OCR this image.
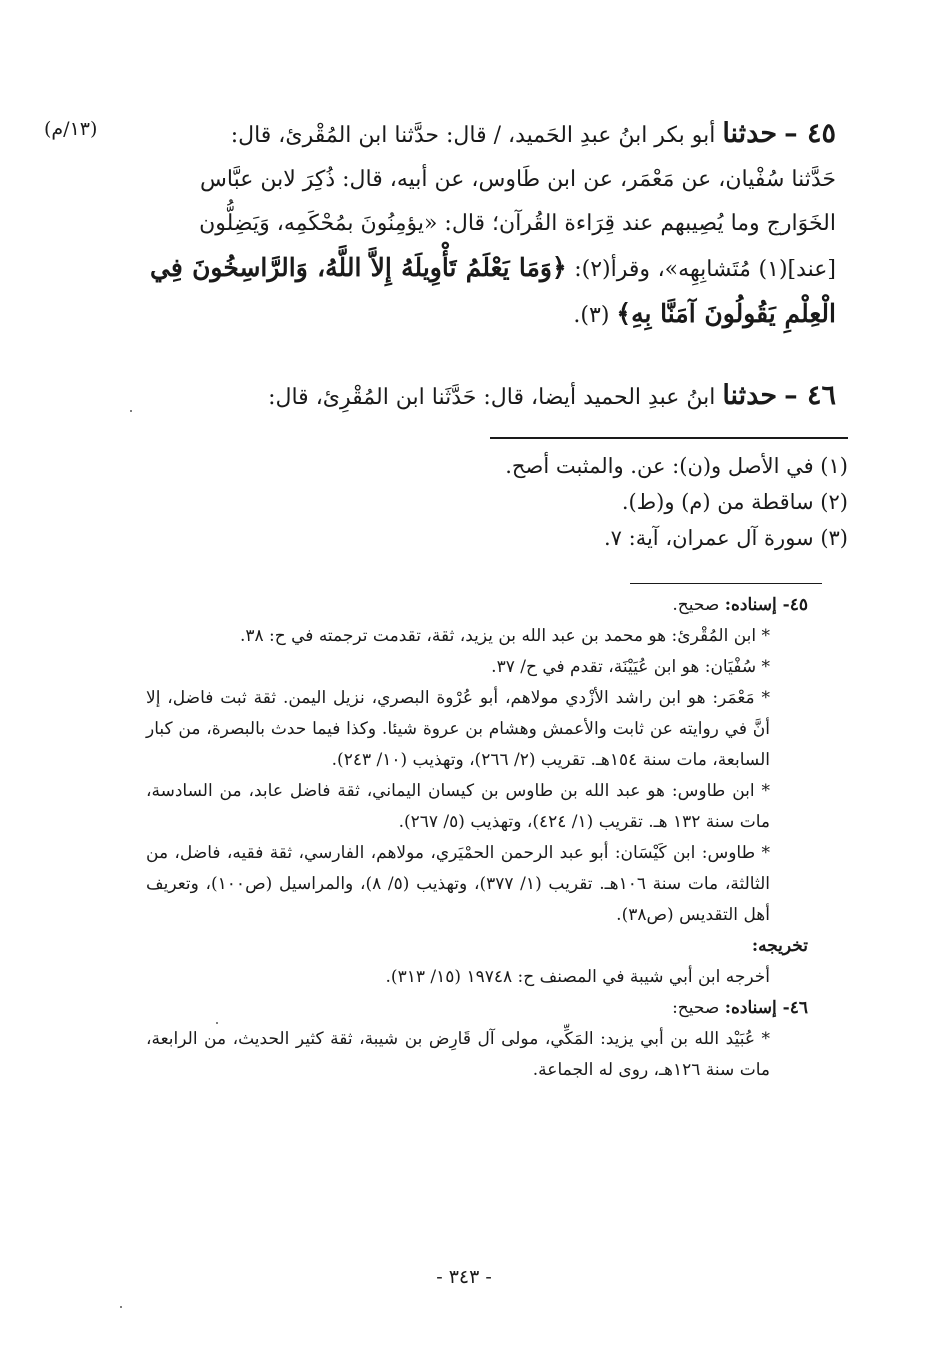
(١٣/م)	٤٥ – حدثنا أبو بكر ابنُ عبدِ الحَميد، / قال: حدَّثنا ابن المُقْرئ، قال:

حَدَّثنا سُفْيان، عن مَعْمَر، عن ابن طَاوس، عن أبيه، قال: ذُكِرَ لابن عبَّاس

الخَوَارج وما يُصِيبهم عند قِرَاءة القُرآن؛ قال: «يؤمِنُونَ بمُحْكَمِه، وَيَضِلُّون

[عند](١) مُتَشابِهِه»، وقرأ(٢): ﴿وَمَا يَعْلَمُ تَأْوِيلَهُ إِلاَّ اللَّهُ، وَالرَّاسِخُونَ فِي الْعِلْمِ يَقُولُونَ آمَنَّا بِهِ﴾ (٣).

٤٦ – حدثنا ابنُ عبدِ الحميد أيضا، قال: حَدَّثَنا ابن المُقْرِئ، قال:

(١) في الأصل و(ن): عن. والمثبت أصح.
(٢) ساقطة من (م) و(ط).
(٣) سورة آل عمران، آية: ٧.

٤٥- إسناده: صحيح.

* ابن المُقْرئ: هو محمد بن عبد الله بن يزيد، ثقة، تقدمت ترجمته في ح: ٣٨.

* سُفْيَان: هو ابن عُيَيْنَة، تقدم في ح/ ٣٧.

* مَعْمَر: هو ابن راشد الأزْدي مولاهم، أبو عُرْوة البصري، نزيل اليمن. ثقة ثبت فاضل، إلا أنَّ في روايته عن ثابت والأعمش وهشام بن عروة شيئا. وكذا فيما حدث بالبصرة، من كبار السابعة، مات سنة ١٥٤هـ. تقريب (٢/ ٢٦٦)، وتهذيب (١٠/ ٢٤٣).

* ابن طاوس: هو عبد الله بن طاوس بن كيسان اليماني، ثقة فاضل عابد، من السادسة، مات سنة ١٣٢ هـ. تقريب (١/ ٤٢٤)، وتهذيب (٥/ ٢٦٧).

* طاوس: ابن كَيْسَان: أبو عبد الرحمن الحمْيَري، مولاهم، الفارسي، ثقة فقيه، فاضل، من الثالثة، مات سنة ١٠٦هـ. تقريب (١/ ٣٧٧)، وتهذيب (٥/ ٨)، والمراسيل (ص١٠٠)، وتعريف أهل التقديس (ص٣٨).

تخريجه:

أخرجه ابن أبي شيبة في المصنف ح: ١٩٧٤٨ (١٥/ ٣١٣).

٤٦- إسناده: صحيح:

* عُبَيْد الله بن أبي يزيد: المَكِّي، مولى آل قَارِض بن شيبة، ثقة كثير الحديث، من الرابعة، مات سنة ١٢٦هـ، روى له الجماعة.

- ٣٤٣ -
